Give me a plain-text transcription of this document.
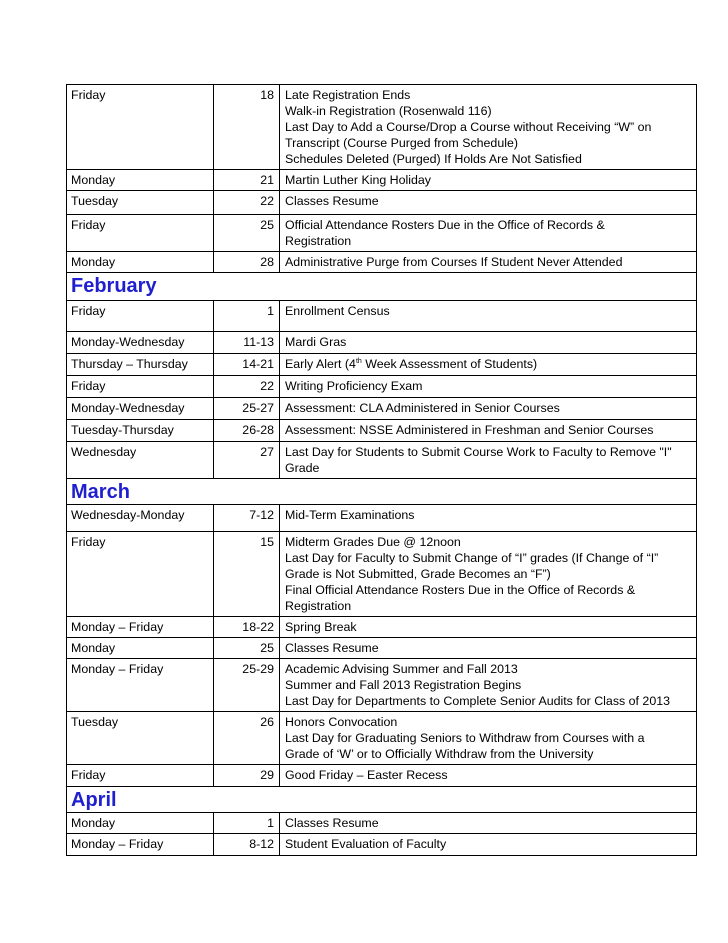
Friday	18	Late Registration Ends
Walk-in Registration (Rosenwald 116)
Last Day to Add a Course/Drop a Course without Receiving “W” on
Transcript (Course Purged from Schedule)
Schedules Deleted (Purged) If Holds Are Not Satisfied

Monday	21	Martin Luther King Holiday

Tuesday	22	Classes Resume

Friday	25	Official Attendance Rosters Due in the Office of Records &
Registration

Monday	28	Administrative Purge from Courses If Student Never Attended

February		
Friday	1	Enrollment Census

Monday-Wednesday	11-13	Mardi Gras

Thursday – Thursday	14-21	Early Alert (4th Week Assessment of Students)

Friday	22	Writing Proficiency Exam

Monday-Wednesday	25-27	Assessment: CLA Administered in Senior Courses

Tuesday-Thursday	26-28	Assessment: NSSE Administered in Freshman and Senior Courses

Wednesday	27	Last Day for Students to Submit Course Work to Faculty to Remove "I"
Grade

March		
Wednesday-Monday	7-12	Mid-Term Examinations

Friday	15	Midterm Grades Due @ 12noon
Last Day for Faculty to Submit Change of “I” grades (If Change of “I”
Grade is Not Submitted, Grade Becomes an “F”)
Final Official Attendance Rosters Due in the Office of Records &
Registration

Monday – Friday	18-22	Spring Break

Monday	25	Classes Resume

Monday – Friday	25-29	Academic Advising Summer and Fall 2013
Summer and Fall 2013 Registration Begins
Last Day for Departments to Complete Senior Audits for Class of 2013

Tuesday	26	Honors Convocation
Last Day for Graduating Seniors to Withdraw from Courses with a
Grade of ‘W’ or to Officially Withdraw from the University

Friday	29	Good Friday – Easter Recess

April		
Monday	1	Classes Resume

Monday – Friday	8-12	Student Evaluation of Faculty
